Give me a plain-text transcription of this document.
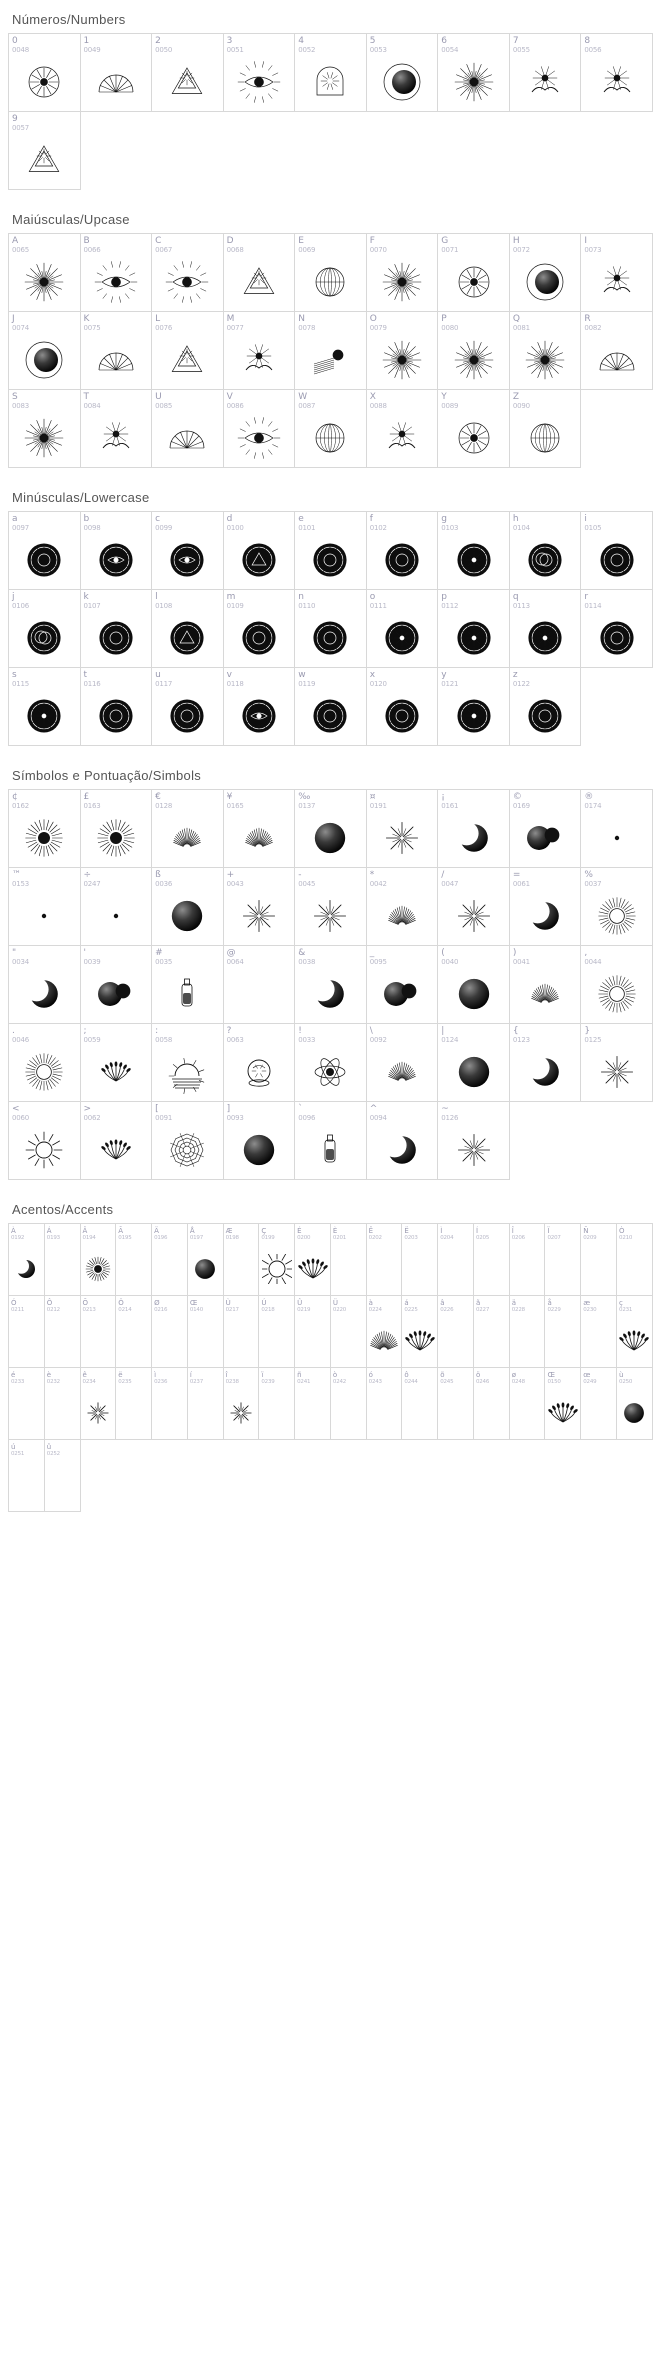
Números/Numbers
0
0048
1
0049
2
0050
3
0051
4
0052
5
0053
6
0054
7
0055
8
0056
9
0057
Maiúsculas/Upcase
A
0065
B
0066
C
0067
D
0068
E
0069
F
0070
G
0071
H
0072
I
0073
J
0074
K
0075
L
0076
M
0077
N
0078
O
0079
P
0080
Q
0081
R
0082
S
0083
T
0084
U
0085
V
0086
W
0087
X
0088
Y
0089
Z
0090
Minúsculas/Lowercase
a
0097
b
0098
c
0099
d
0100
e
0101
f
0102
g
0103
h
0104
i
0105
j
0106
k
0107
l
0108
m
0109
n
0110
o
0111
p
0112
q
0113
r
0114
s
0115
t
0116
u
0117
v
0118
w
0119
x
0120
y
0121
z
0122
Símbolos e Pontuação/Simbols
¢
0162
£
0163
€
0128
¥
0165
‰
0137
¤
0191
¡
0161
©
0169
®
0174
™
0153
÷
0247
ß
0036
+
0043
-
0045
*
0042
/
0047
=
0061
%
0037
"
0034
'
0039
#
0035
@
0064
&
0038
_
0095
(
0040
)
0041
,
0044
.
0046
;
0059
:
0058
?
0063
!
0033
\
0092
|
0124
{
0123
}
0125
<
0060
>
0062
[
0091
]
0093
`
0096
^
0094
~
0126
Acentos/Accents
À
0192
Á
0193
Â
0194
Ã
0195
Ä
0196
Å
0197
Æ
0198
Ç
0199
É
0200
È
0201
Ê
0202
Ë
0203
Ì
0204
Í
0205
Î
0206
Ï
0207
Ñ
0209
Ò
0210
Ó
0211
Ô
0212
Õ
0213
Ö
0214
Ø
0216
Œ
0140
Ù
0217
Ú
0218
Û
0219
Ü
0220
à
0224
á
0225
â
0226
ã
0227
ä
0228
å
0229
æ
0230
ç
0231
é
0233
è
0232
ê
0234
ë
0235
ì
0236
í
0237
î
0238
ï
0239
ñ
0241
ò
0242
ó
0243
ô
0244
õ
0245
ö
0246
ø
0248
Œ
0150
œ
0249
ù
0250
ú
0251
û
0252
